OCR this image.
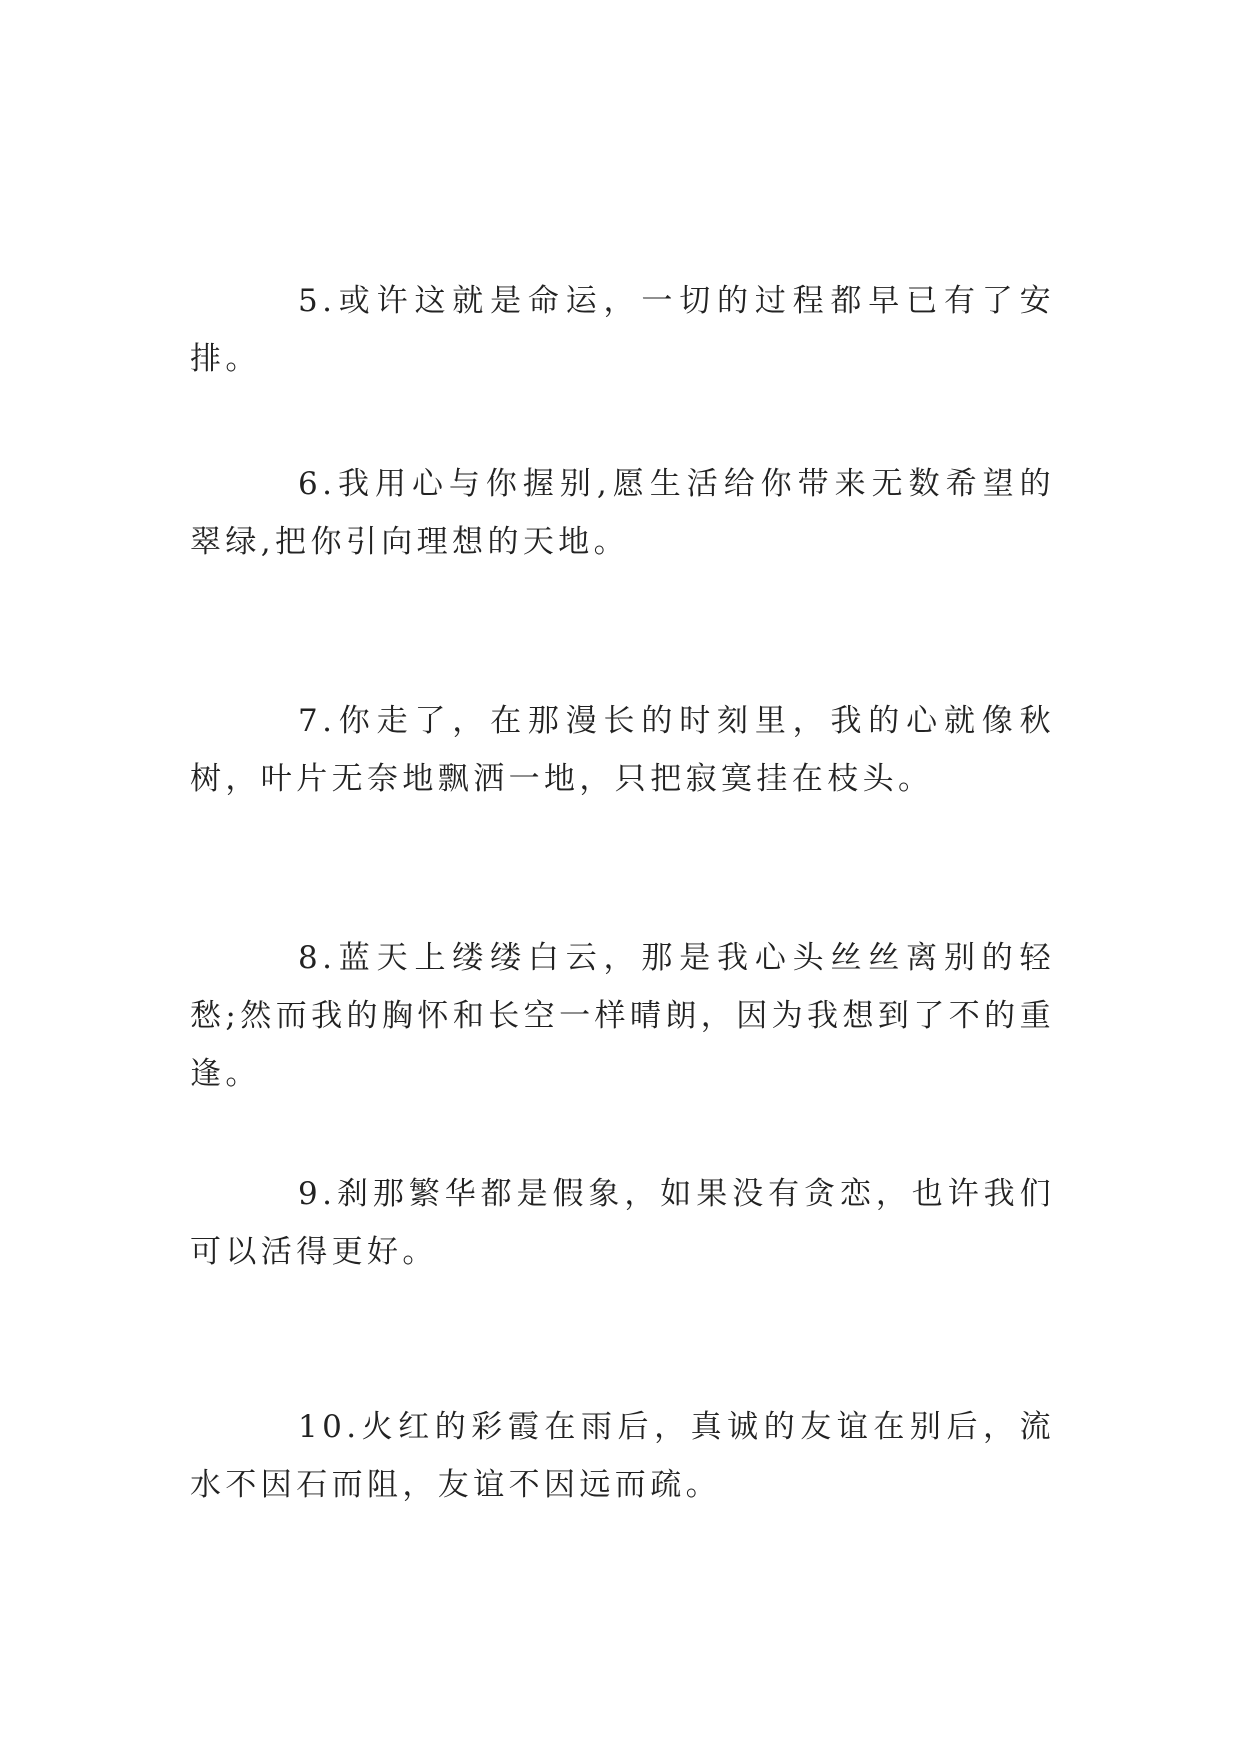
5.或许这就是命运，一切的过程都早已有了安排。

6.我用心与你握别,愿生活给你带来无数希望的翠绿,把你引向理想的天地。

7.你走了，在那漫长的时刻里，我的心就像秋树，叶片无奈地飘洒一地，只把寂寞挂在枝头。

8.蓝天上缕缕白云，那是我心头丝丝离别的轻愁;然而我的胸怀和长空一样晴朗，因为我想到了不的重逢。

9.刹那繁华都是假象，如果没有贪恋，也许我们可以活得更好。

10.火红的彩霞在雨后，真诚的友谊在别后，流水不因石而阻，友谊不因远而疏。
